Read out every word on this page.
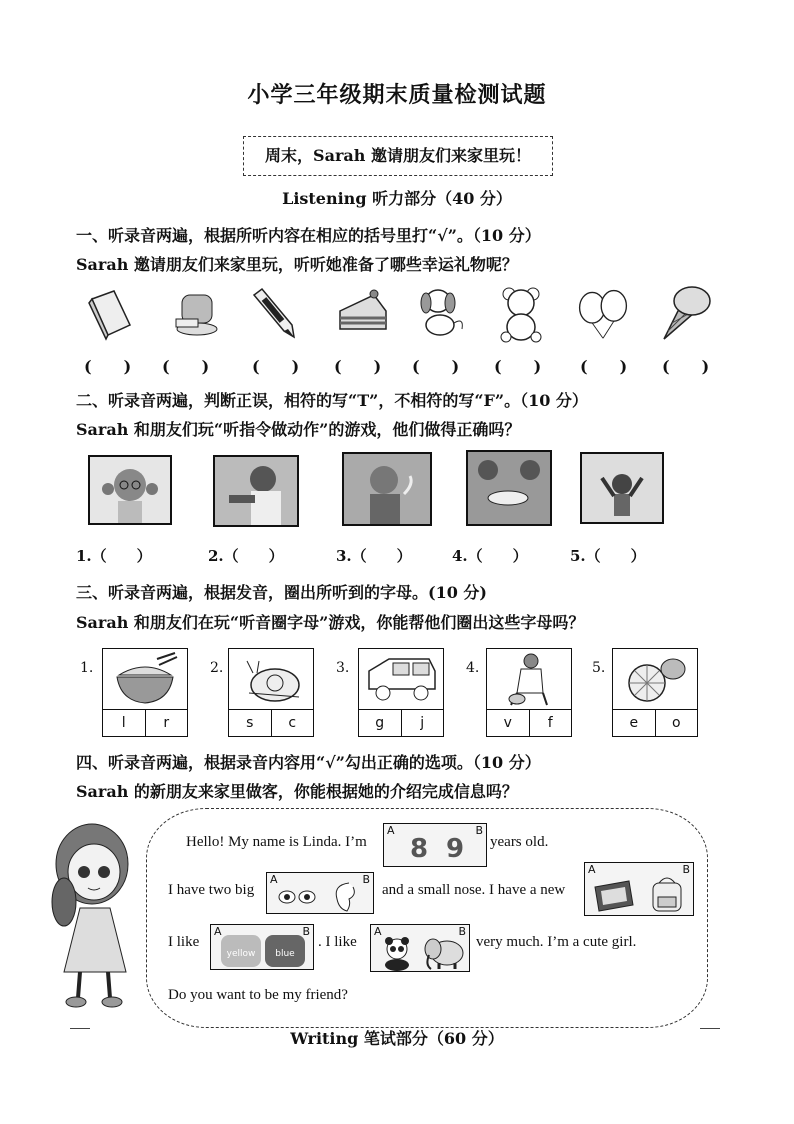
小学三年级期末质量检测试题
周末，Sarah 邀请朋友们来家里玩！
Listening 听力部分（40 分）
一、听录音两遍，根据所听内容在相应的括号里打“√”。（10 分）
Sarah 邀请朋友们来家里玩，听听她准备了哪些幸运礼物呢？
(　　) (　　)	(　　) (　　) (　　) (　　) (　　) (　　)
二、听录音两遍，判断正误，相符的写“T”，不相符的写“F”。（10 分）
Sarah 和朋友们玩“听指令做动作”的游戏，他们做得正确吗？
1.（　　）	2.（　　）	3.（　　）	4.（　　）	5.（　　）
三、听录音两遍，根据发音，圈出所听到的字母。(10 分)
Sarah 和朋友们在玩“听音圈字母”游戏，你能帮他们圈出这些字母吗？
1.
l	r
2.
s	c
3.
g	j
4.
v	f
5.
e	o
四、听录音两遍，根据录音内容用“√”勾出正确的选项。（10 分）
Sarah 的新朋友来家里做客，你能根据她的介绍完成信息吗？
Hello! My name is Linda. I’m
A	B
8 9 years old.
I have two big
A	B
and a small nose. I have a new
A	B
I like
A	B
yellow	blue
. I like
A	B
very much. I’m a cute girl.
Do you want to be my friend?
Writing 笔试部分（60 分）
